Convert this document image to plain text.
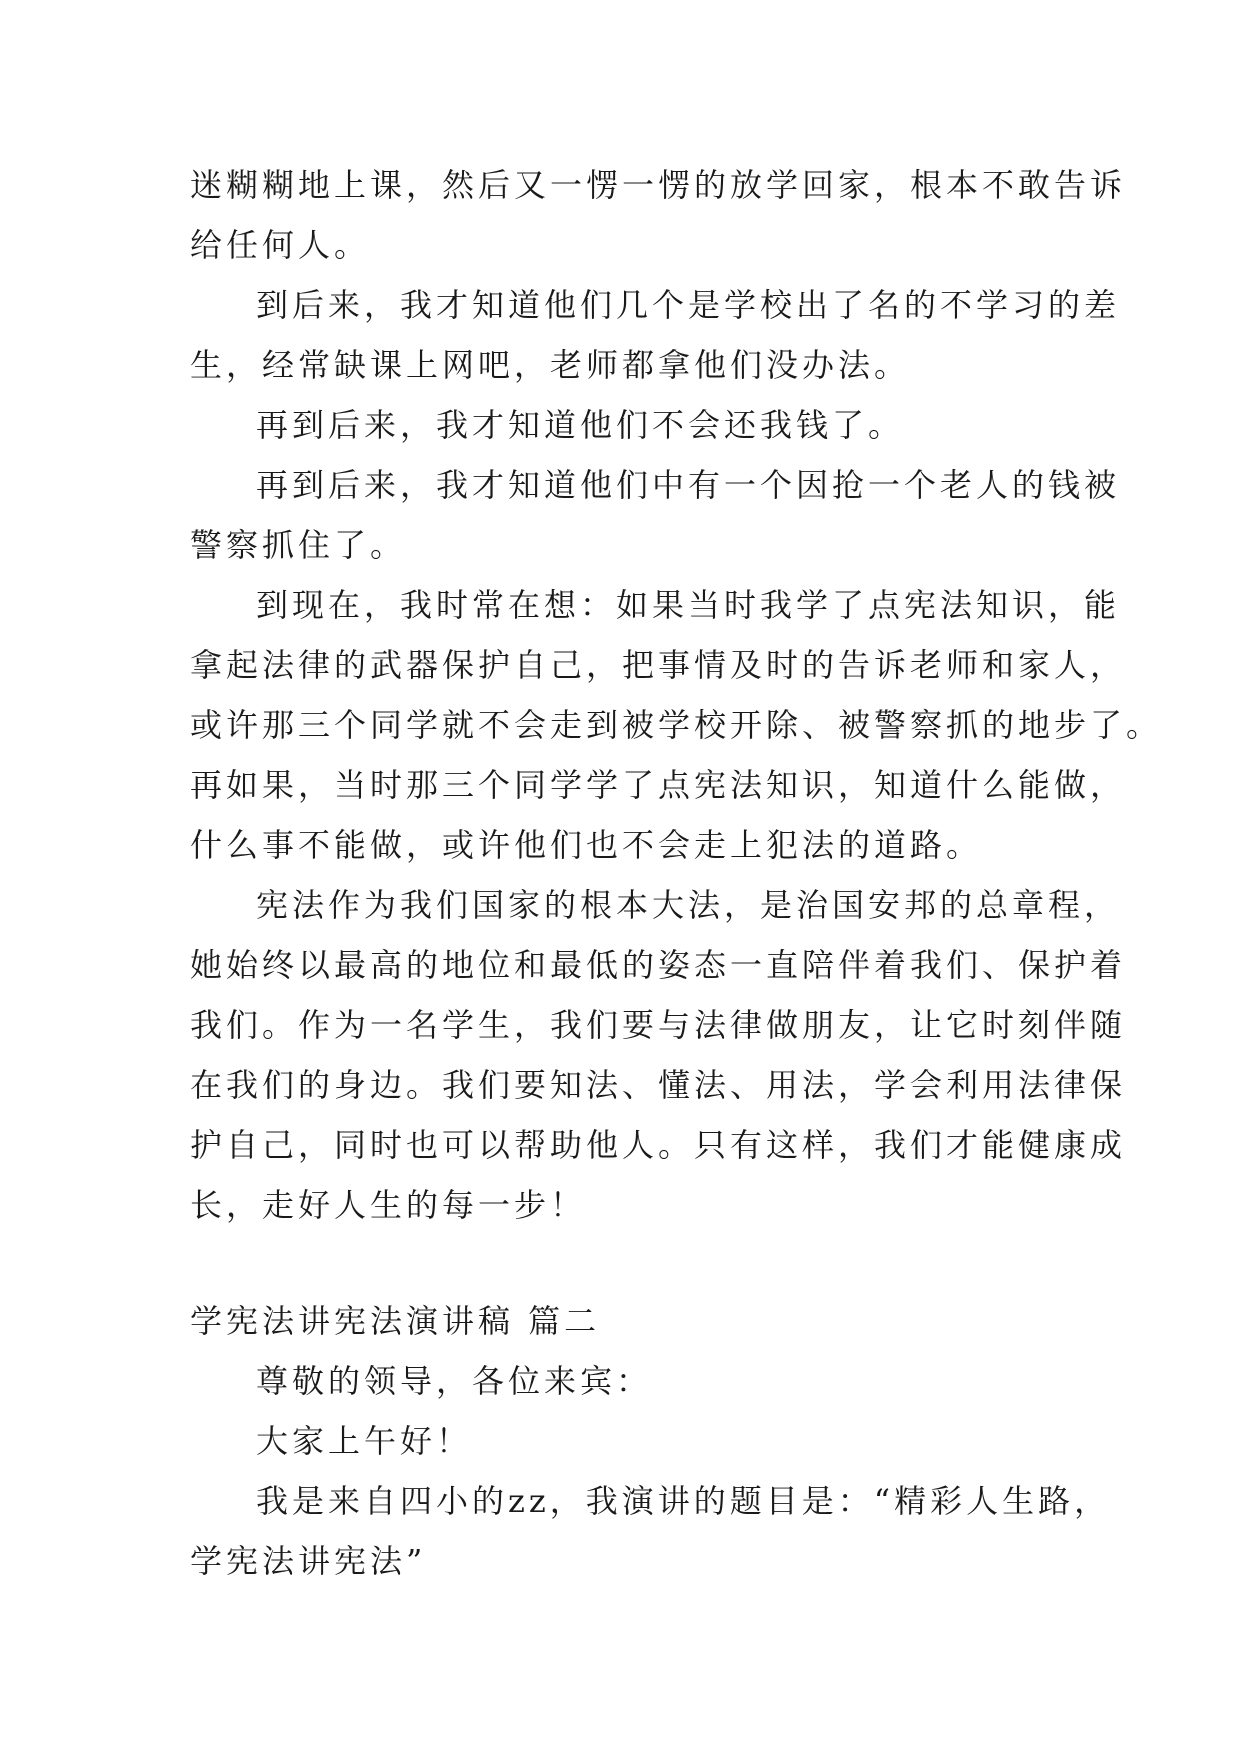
迷糊糊地上课，然后又一愣一愣的放学回家，根本不敢告诉
给任何人。
到后来，我才知道他们几个是学校出了名的不学习的差
生，经常缺课上网吧，老师都拿他们没办法。
再到后来，我才知道他们不会还我钱了。
再到后来，我才知道他们中有一个因抢一个老人的钱被
警察抓住了。
到现在，我时常在想：如果当时我学了点宪法知识，能
拿起法律的武器保护自己，把事情及时的告诉老师和家人，
或许那三个同学就不会走到被学校开除、被警察抓的地步了。
再如果，当时那三个同学学了点宪法知识，知道什么能做，
什么事不能做，或许他们也不会走上犯法的道路。
宪法作为我们国家的根本大法，是治国安邦的总章程，
她始终以最高的地位和最低的姿态一直陪伴着我们、保护着
我们。作为一名学生，我们要与法律做朋友，让它时刻伴随
在我们的身边。我们要知法、懂法、用法，学会利用法律保
护自己，同时也可以帮助他人。只有这样，我们才能健康成
长，走好人生的每一步！
学宪法讲宪法演讲稿 篇二
尊敬的领导，各位来宾：
大家上午好！
我是来自四小的zz，我演讲的题目是：“精彩人生路，
学宪法讲宪法”
